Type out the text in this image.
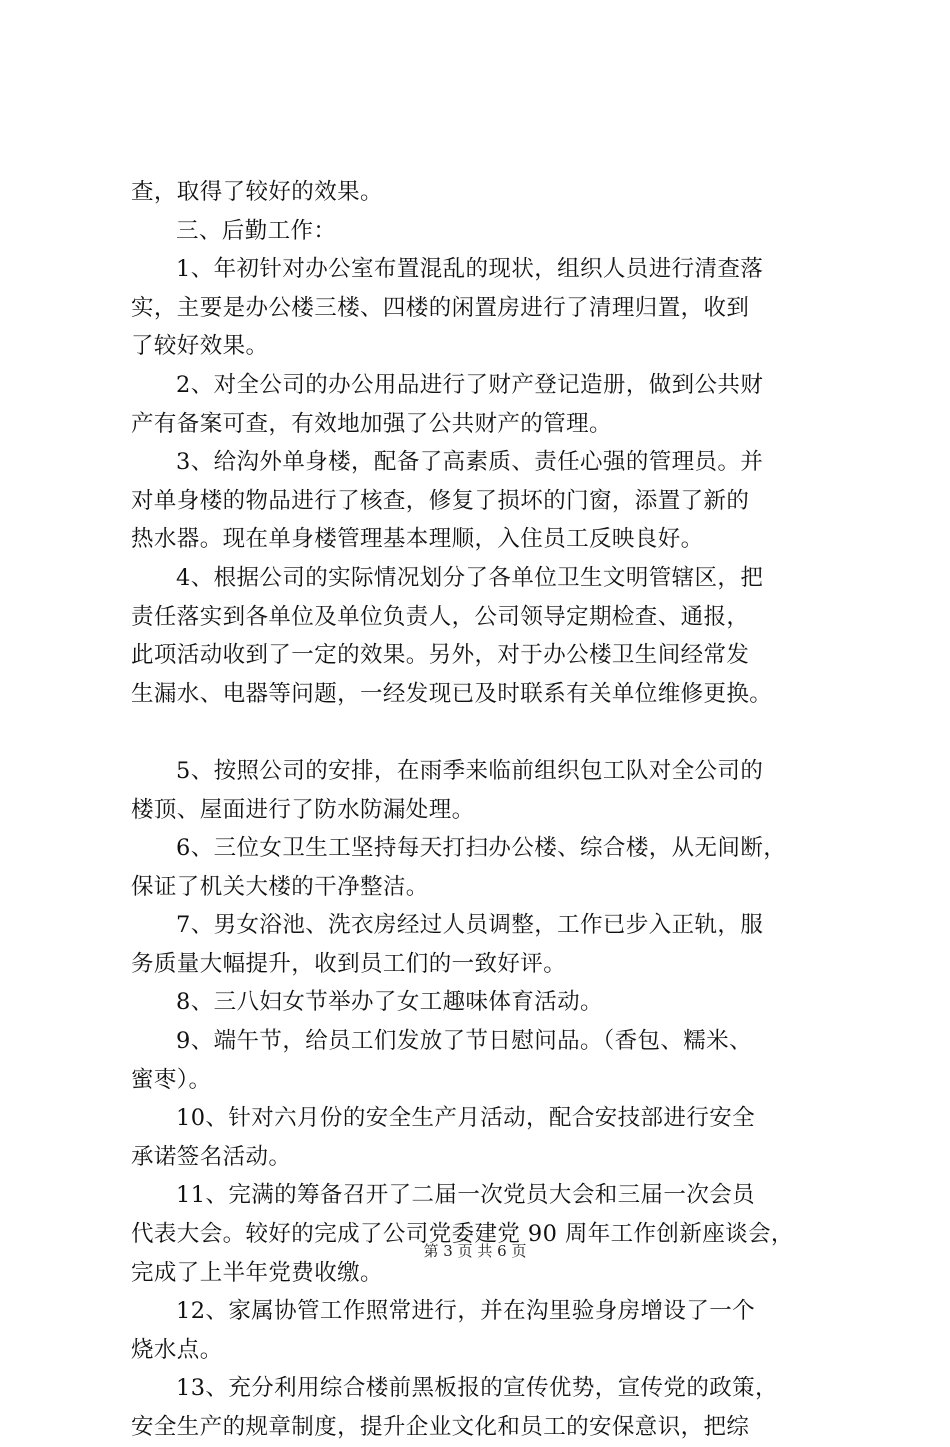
查，取得了较好的效果。
三、后勤工作：
1、年初针对办公室布置混乱的现状，组织人员进行清查落
实，主要是办公楼三楼、四楼的闲置房进行了清理归置，收到
了较好效果。
2、对全公司的办公用品进行了财产登记造册，做到公共财
产有备案可查，有效地加强了公共财产的管理。
3、给沟外单身楼，配备了高素质、责任心强的管理员。并
对单身楼的物品进行了核查，修复了损坏的门窗，添置了新的
热水器。现在单身楼管理基本理顺，入住员工反映良好。
4、根据公司的实际情况划分了各单位卫生文明管辖区，把
责任落实到各单位及单位负责人，公司领导定期检查、通报，
此项活动收到了一定的效果。另外，对于办公楼卫生间经常发
生漏水、电器等问题，一经发现已及时联系有关单位维修更换。
5、按照公司的安排，在雨季来临前组织包工队对全公司的
楼顶、屋面进行了防水防漏处理。
6、三位女卫生工坚持每天打扫办公楼、综合楼，从无间断，
保证了机关大楼的干净整洁。
7、男女浴池、洗衣房经过人员调整，工作已步入正轨，服
务质量大幅提升，收到员工们的一致好评。
8、三八妇女节举办了女工趣味体育活动。
9、端午节，给员工们发放了节日慰问品。（香包、糯米、
蜜枣）。
10、针对六月份的安全生产月活动，配合安技部进行安全
承诺签名活动。
11、完满的筹备召开了二届一次党员大会和三届一次会员
代表大会。较好的完成了公司党委建党 90 周年工作创新座谈会，
完成了上半年党费收缴。
12、家属协管工作照常进行，并在沟里验身房增设了一个
烧水点。
13、充分利用综合楼前黑板报的宣传优势，宣传党的政策，
安全生产的规章制度，提升企业文化和员工的安保意识，把综
第 3 页 共 6 页
